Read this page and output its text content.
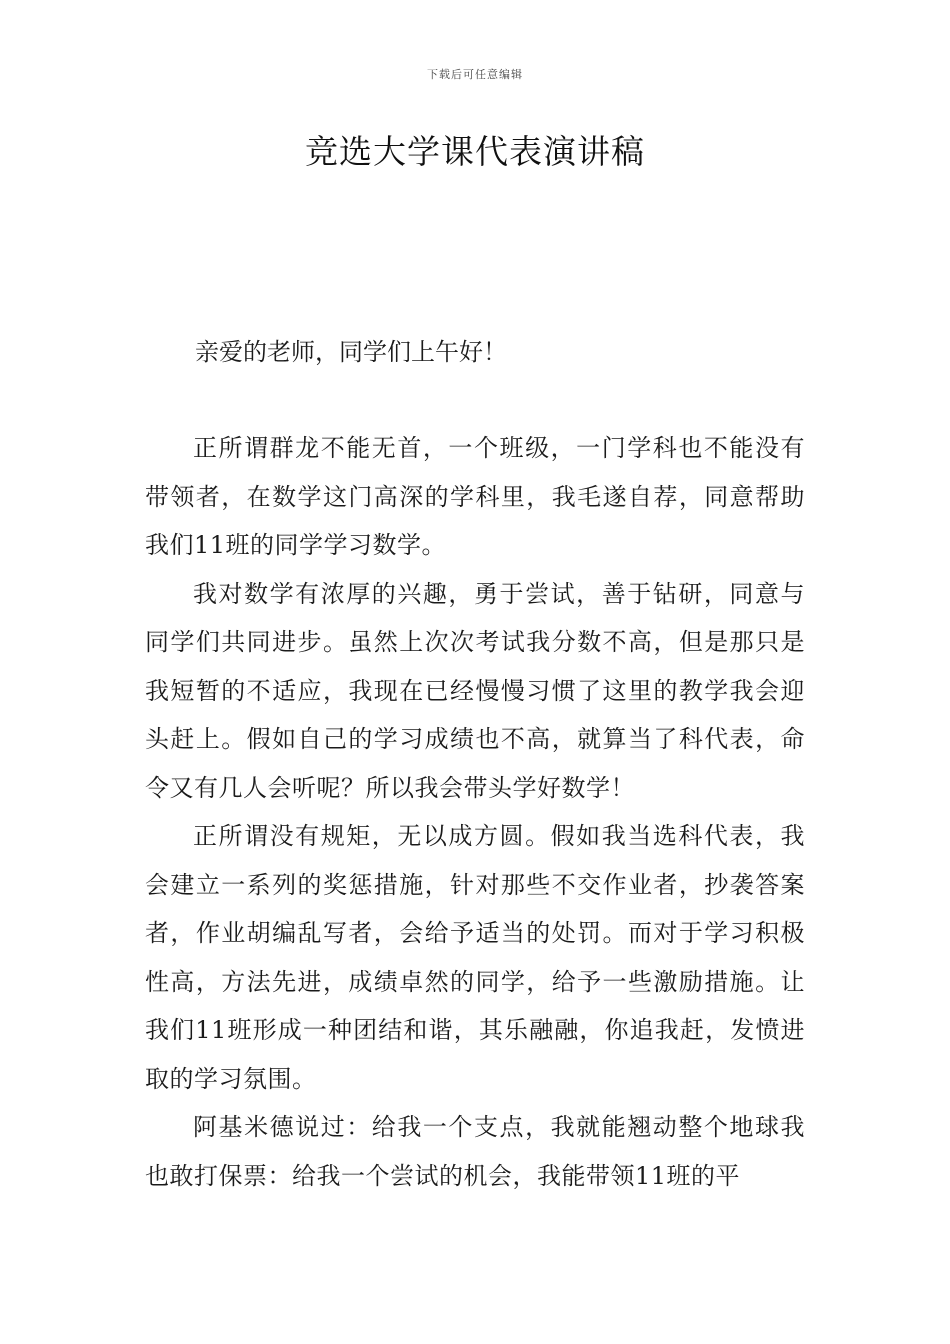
下载后可任意编辑
竞选大学课代表演讲稿

亲爱的老师，同学们上午好！

正所谓群龙不能无首，一个班级，一门学科也不能没有带领者，在数学这门高深的学科里，我毛遂自荐，同意帮助我们11班的同学学习数学。

我对数学有浓厚的兴趣，勇于尝试，善于钻研，同意与同学们共同进步。虽然上次次考试我分数不高，但是那只是我短暂的不适应，我现在已经慢慢习惯了这里的教学我会迎头赶上。假如自己的学习成绩也不高，就算当了科代表，命令又有几人会听呢？所以我会带头学好数学！

正所谓没有规矩，无以成方圆。假如我当选科代表，我会建立一系列的奖惩措施，针对那些不交作业者，抄袭答案者，作业胡编乱写者，会给予适当的处罚。而对于学习积极性高，方法先进，成绩卓然的同学，给予一些激励措施。让我们11班形成一种团结和谐，其乐融融，你追我赶，发愤进取的学习氛围。

阿基米德说过：给我一个支点，我就能翘动整个地球我也敢打保票：给我一个尝试的机会，我能带领11班的平
